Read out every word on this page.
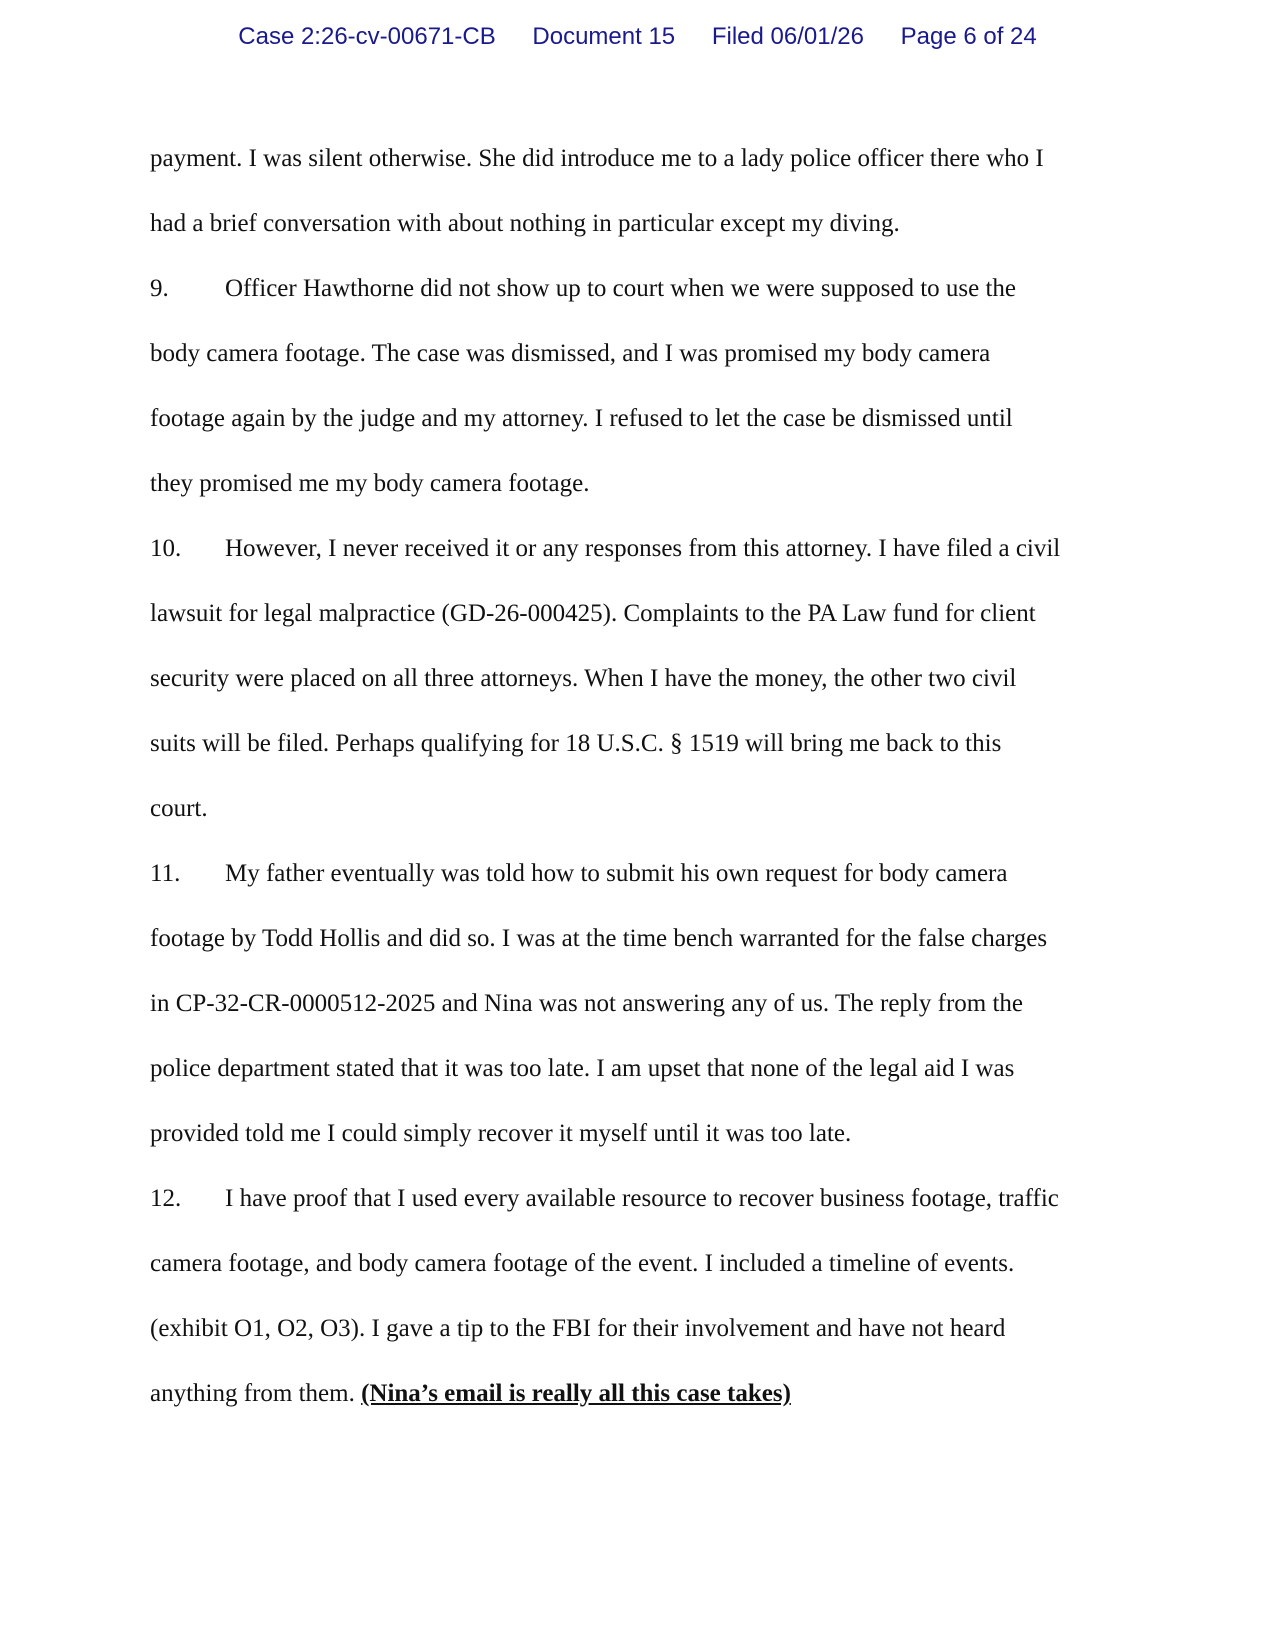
Case 2:26-cv-00671-CB Document 15 Filed 06/01/26 Page 6 of 24
payment. I was silent otherwise. She did introduce me to a lady police officer there who I
had a brief conversation with about nothing in particular except my diving.
9. Officer Hawthorne did not show up to court when we were supposed to use the
body camera footage. The case was dismissed, and I was promised my body camera
footage again by the judge and my attorney. I refused to let the case be dismissed until
they promised me my body camera footage.
10. However, I never received it or any responses from this attorney. I have filed a civil
lawsuit for legal malpractice (GD-26-000425). Complaints to the PA Law fund for client
security were placed on all three attorneys. When I have the money, the other two civil
suits will be filed. Perhaps qualifying for 18 U.S.C. § 1519 will bring me back to this
court.
11. My father eventually was told how to submit his own request for body camera
footage by Todd Hollis and did so. I was at the time bench warranted for the false charges
in CP-32-CR-0000512-2025 and Nina was not answering any of us. The reply from the
police department stated that it was too late. I am upset that none of the legal aid I was
provided told me I could simply recover it myself until it was too late.
12. I have proof that I used every available resource to recover business footage, traffic
camera footage, and body camera footage of the event. I included a timeline of events.
(exhibit O1, O2, O3). I gave a tip to the FBI for their involvement and have not heard
anything from them. (Nina’s email is really all this case takes)
